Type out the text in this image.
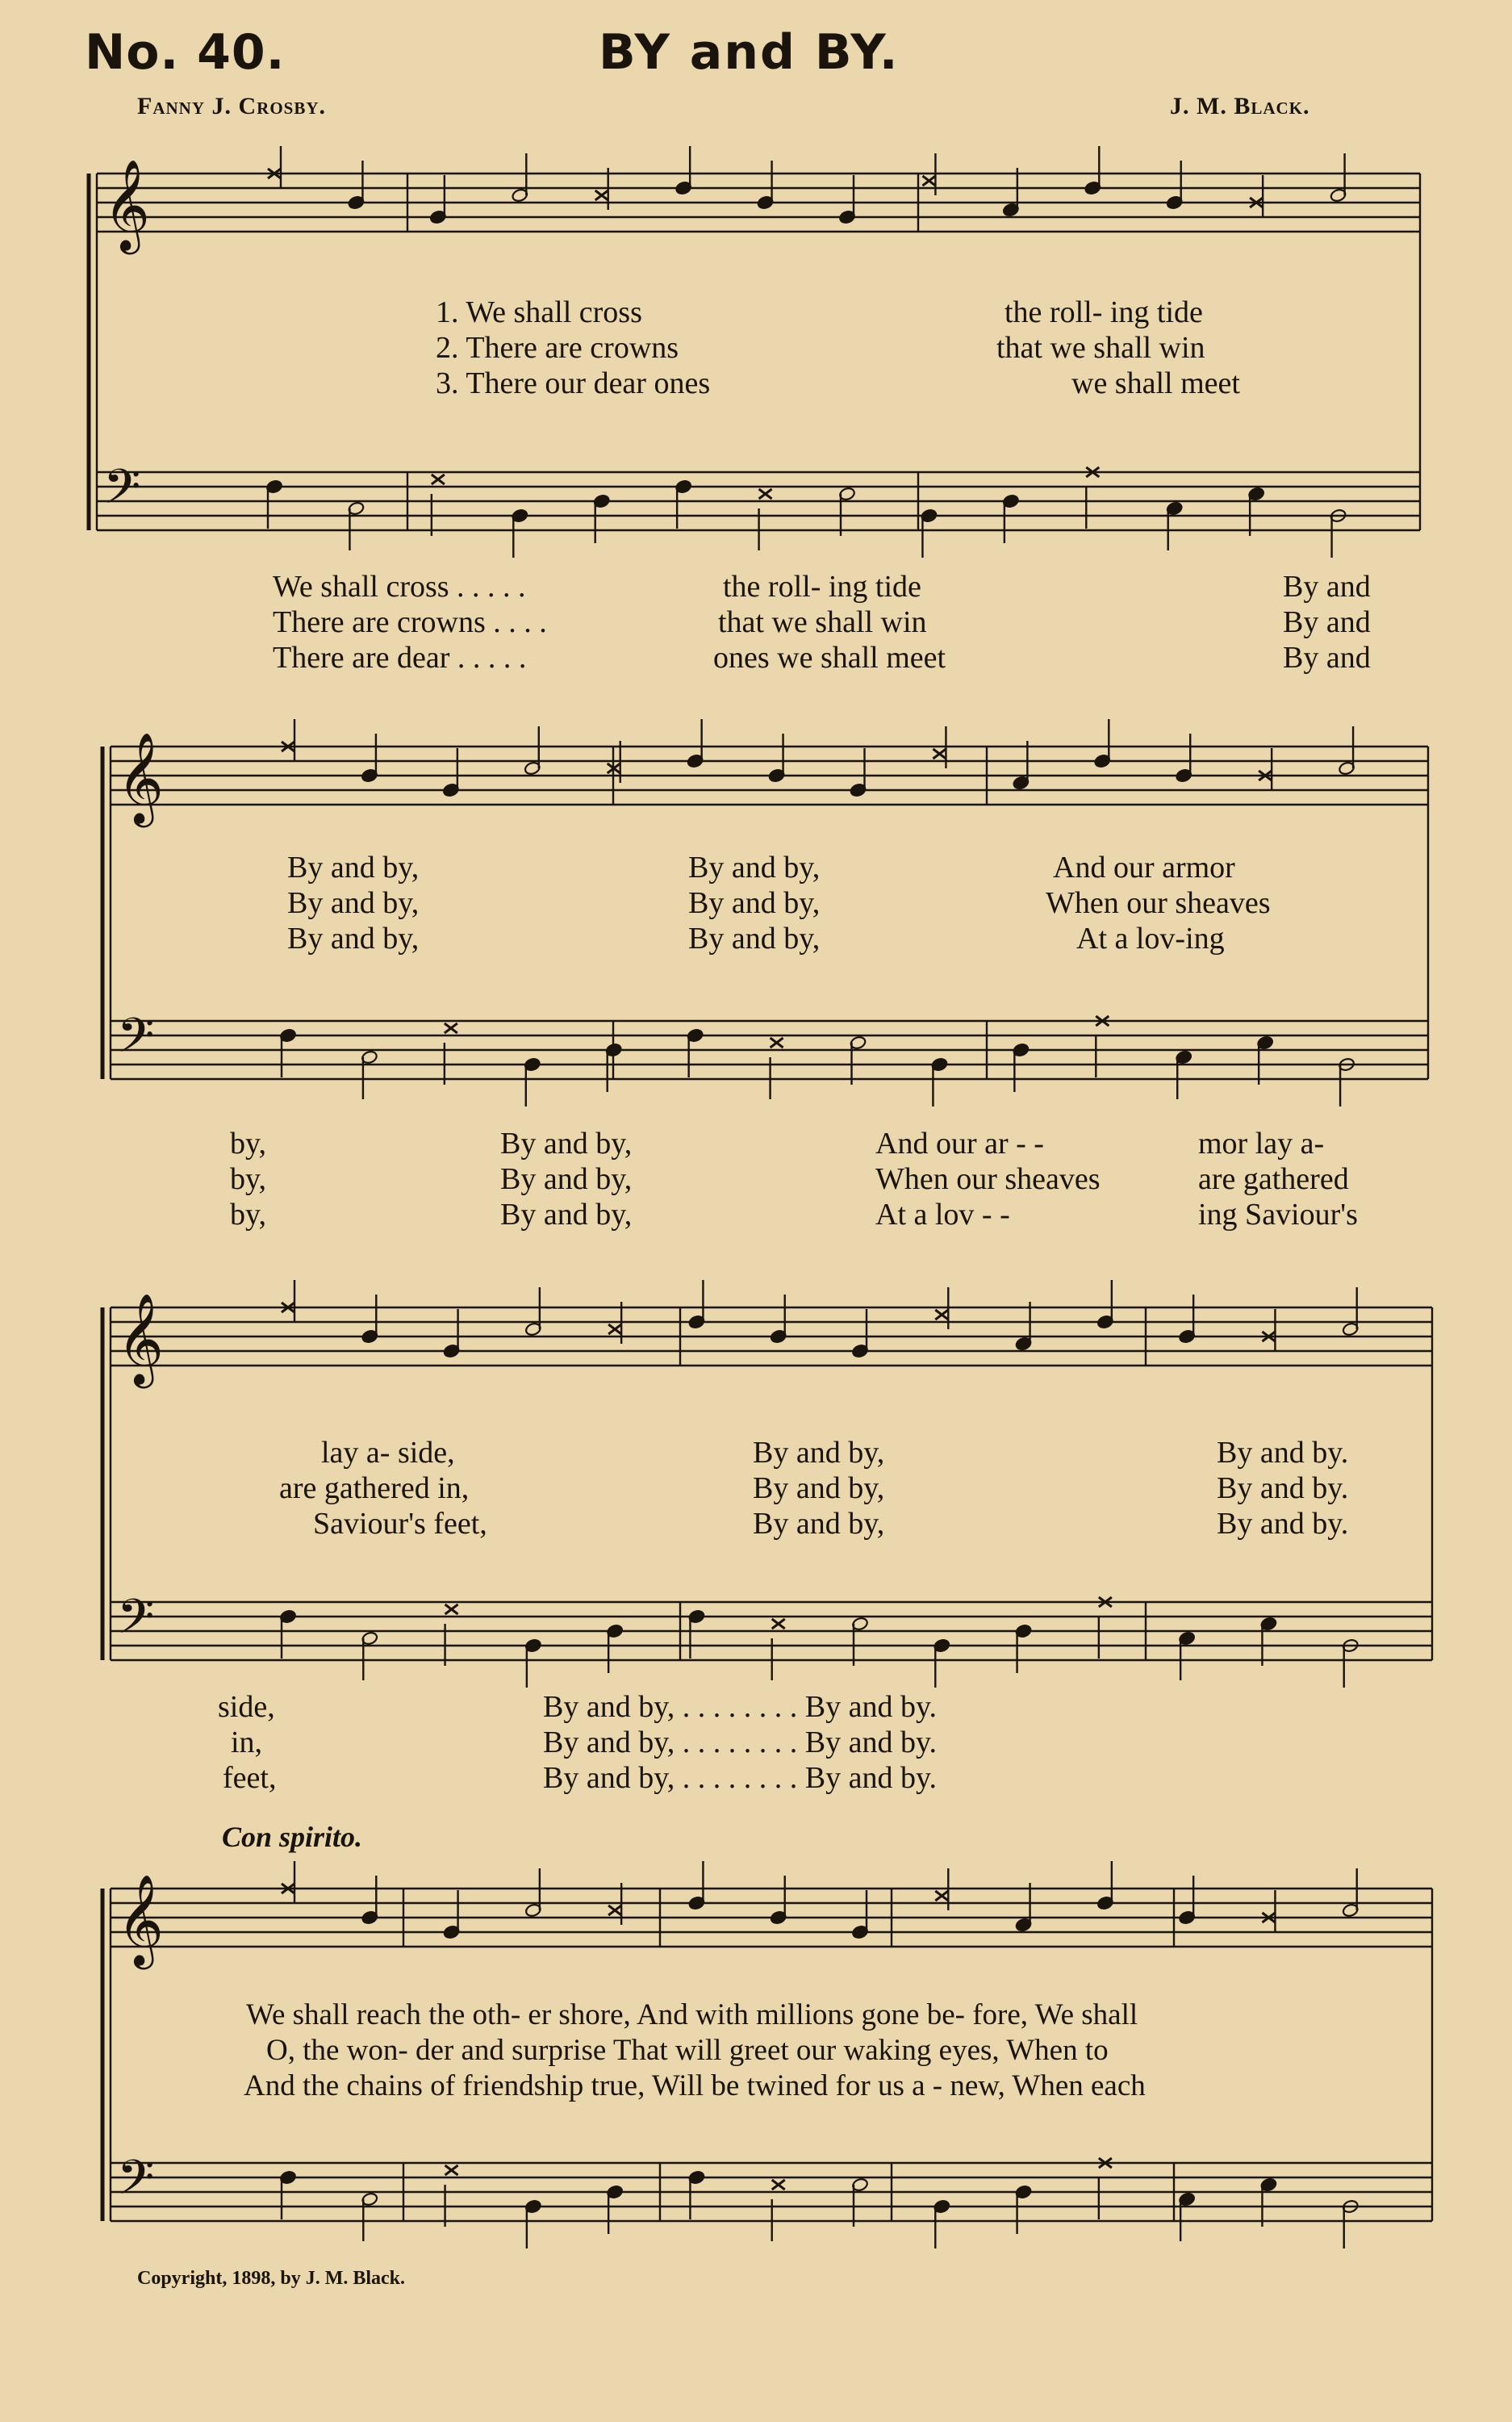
No. 40.	BY and BY.
Fanny J. Crosby.	J. M. Black.
𝄞
𝄢
𝄞
𝄢
𝄞
𝄢
𝄞
𝄢
1. We shall cross	the roll- ing tide
2. There are crowns	that we shall win
3. There our dear ones	we shall meet
We shall cross . . . . .	the roll- ing tide	By and
There are crowns . . . .	that we shall win	By and
There are dear . . . . .	ones we shall meet	By and
By and by,	By and by,	And our armor
By and by,	By and by,	When our sheaves
By and by,	By and by,	At a lov-ing
by,	By and by,	And our ar - -	mor lay a-
by,	By and by,	When our sheaves	are gathered
by,	By and by,	At a lov - -	ing Saviour's
lay a- side,	By and by,	By and by.
are gathered in,	By and by,	By and by.
Saviour's feet,	By and by,	By and by.
side,	By and by, . . . . . . . . By and by.
in,	By and by, . . . . . . . . By and by.
feet,	By and by, . . . . . . . . By and by.
Con spirito.
We shall reach the oth- er shore, And with millions gone be- fore, We shall
O, the won- der and surprise That will greet our waking eyes, When to
And the chains of friendship true, Will be twined for us a - new, When each
Copyright, 1898, by J. M. Black.
